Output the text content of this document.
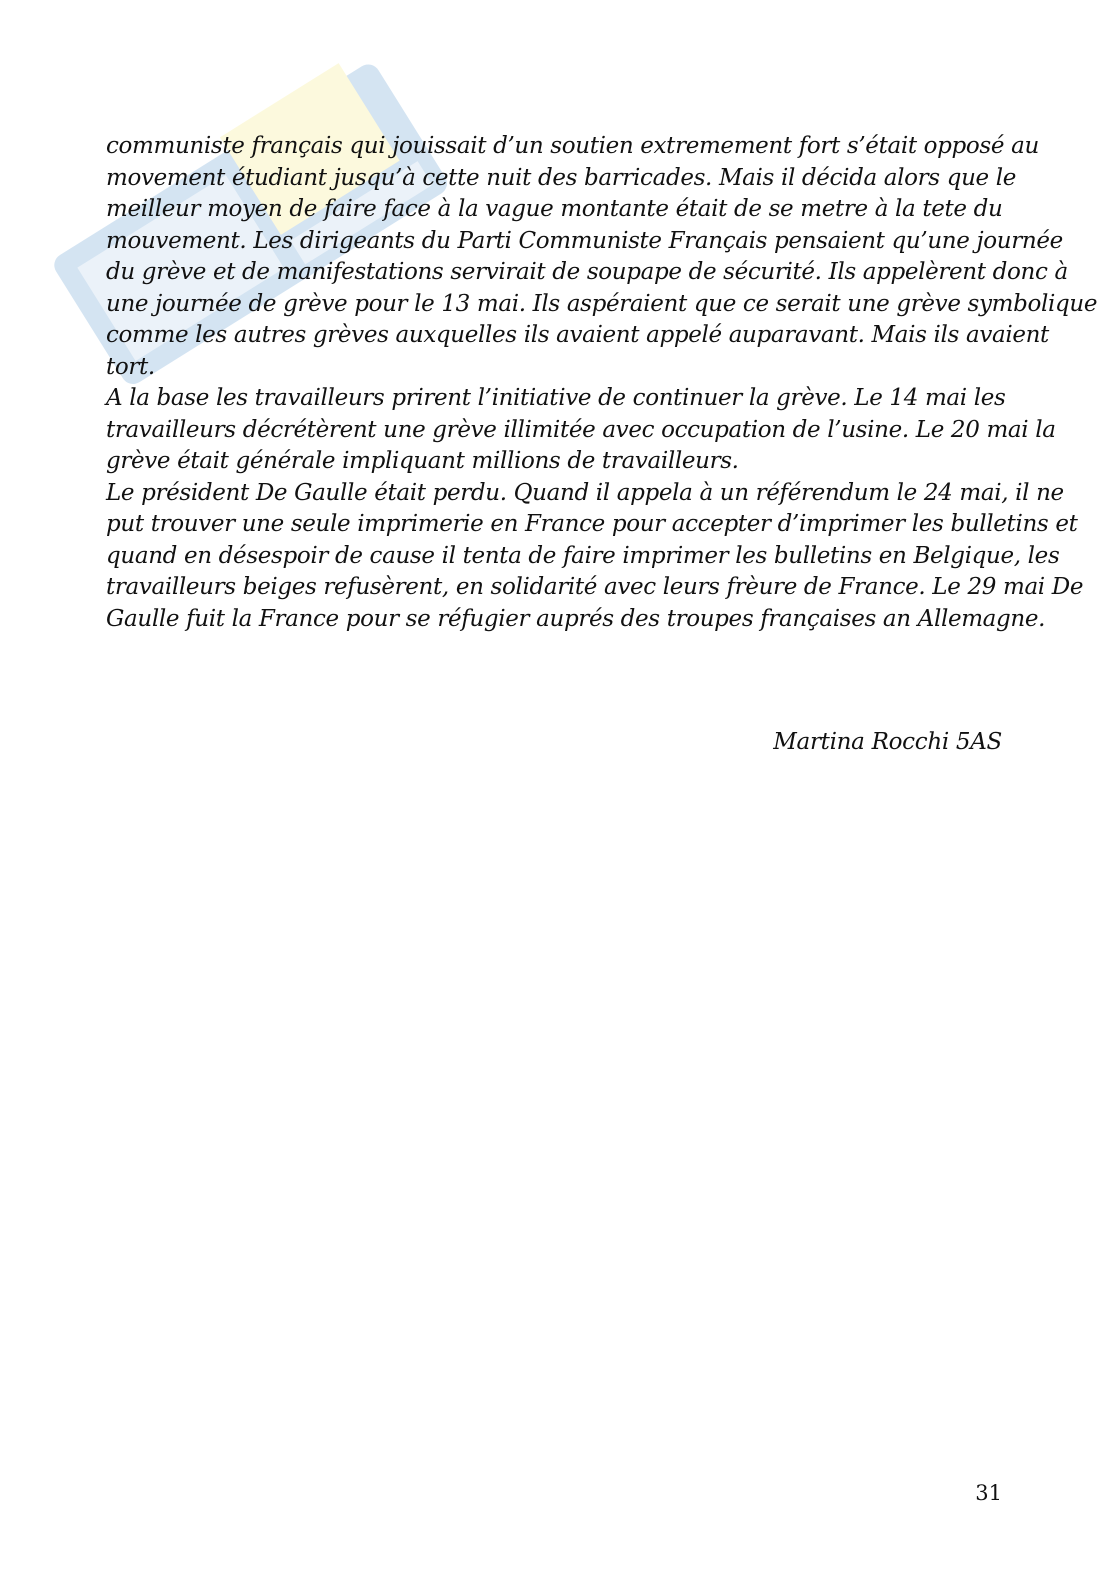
communiste français qui jouissait d’un soutien extremement fort s’était opposé au
movement étudiant jusqu’à cette nuit des barricades. Mais il décida alors que le
meilleur moyen de faire face à la vague montante était de se metre à la tete du
mouvement. Les dirigeants du Parti Communiste Français pensaient qu’une journée
du grève et de manifestations servirait de soupape de sécurité. Ils appelèrent donc à
une journée de grève pour le 13 mai. Ils aspéraient que ce serait une grève symbolique
comme les autres grèves auxquelles ils avaient appelé auparavant. Mais ils avaient
tort.
A la base les travailleurs prirent l’initiative de continuer la grève. Le 14 mai les
travailleurs décrétèrent une grève illimitée avec occupation de l’usine. Le 20 mai la
grève était générale impliquant millions de travailleurs.
Le président De Gaulle était perdu. Quand il appela à un référendum le 24 mai, il ne
put trouver une seule imprimerie en France pour accepter d’imprimer les bulletins et
quand en désespoir de cause il tenta de faire imprimer les bulletins en Belgique, les
travailleurs beiges refusèrent, en solidarité avec leurs frèure de France. Le 29 mai De
Gaulle fuit la France pour se réfugier auprés des troupes françaises an Allemagne.
Martina Rocchi 5AS
31
